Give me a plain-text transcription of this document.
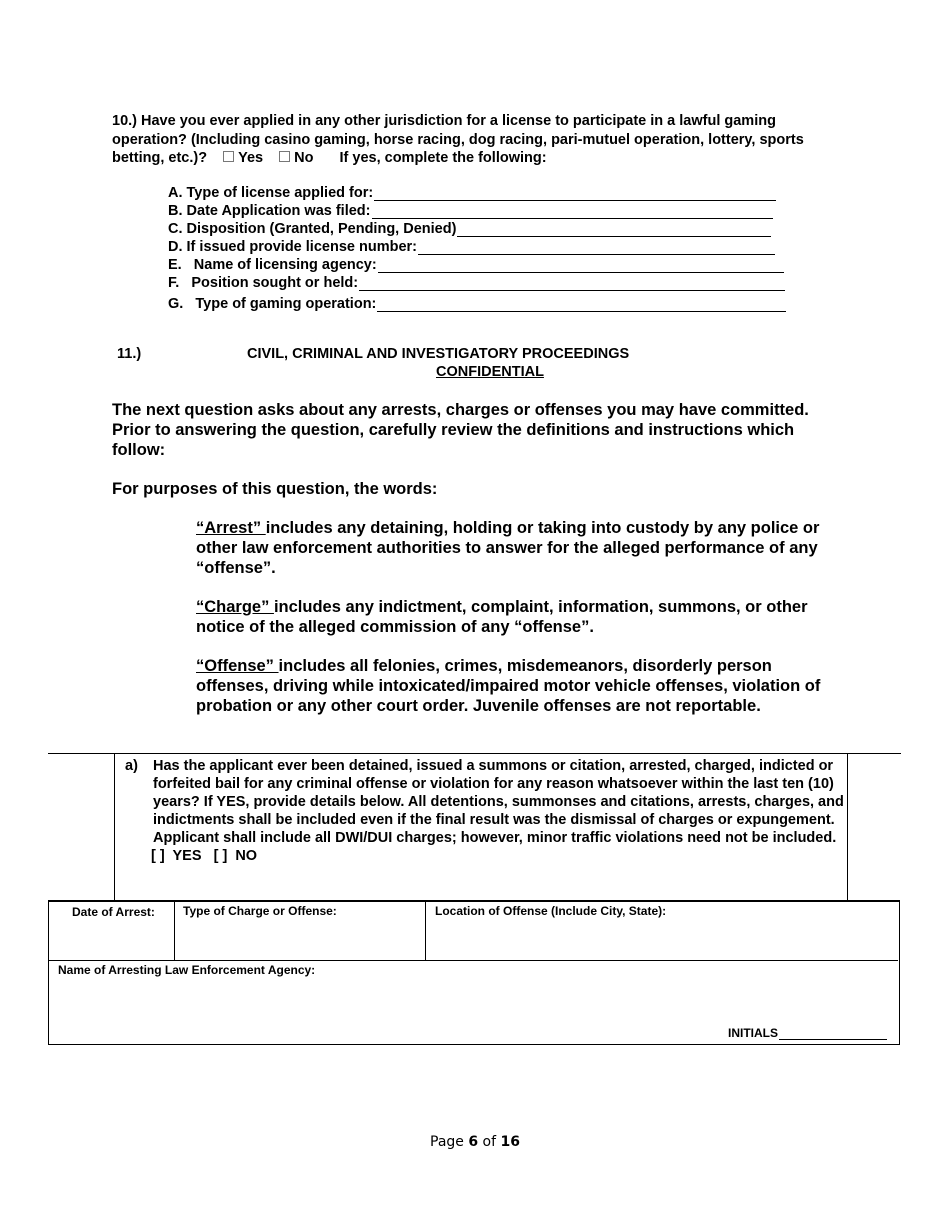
10.) Have you ever applied in any other jurisdiction for a license to participate in a lawful gaming operation? (Including casino gaming, horse racing, dog racing, pari-mutuel operation, lottery, sports betting, etc.)? Yes No If yes, complete the following:
A. Type of license applied for:
B. Date Application was filed:
C. Disposition (Granted, Pending, Denied)
D. If issued provide license number:
E.   Name of licensing agency:
F.   Position sought or held:
G.   Type of gaming operation:
11.)	CIVIL, CRIMINAL AND INVESTIGATORY PROCEEDINGS
CONFIDENTIAL
The next question asks about any arrests, charges or offenses you may have committed. Prior to answering the question, carefully review the definitions and instructions which follow:
For purposes of this question, the words:
“Arrest” includes any detaining, holding or taking into custody by any police or other law enforcement authorities to answer for the alleged performance of any “offense”.
“Charge” includes any indictment, complaint, information, summons, or other notice of the alleged commission of any “offense”.
“Offense” includes all felonies, crimes, misdemeanors, disorderly person offenses, driving while intoxicated/impaired motor vehicle offenses, violation of probation or any other court order. Juvenile offenses are not reportable.
a) Has the applicant ever been detained, issued a summons or citation, arrested, charged, indicted or forfeited bail for any criminal offense or violation for any reason whatsoever within the last ten (10) years? If YES, provide details below. All detentions, summonses and citations, arrests, charges, and indictments shall be included even if the final result was the dismissal of charges or expungement. Applicant shall include all DWI/DUI charges; however, minor traffic violations need not be included.
[ ]  YES   [ ]  NO
Date of Arrest: Type of Charge or Offense:	Location of Offense (Include City, State):
Name of Arresting Law Enforcement Agency:
INITIALS
Page 6 of 16
